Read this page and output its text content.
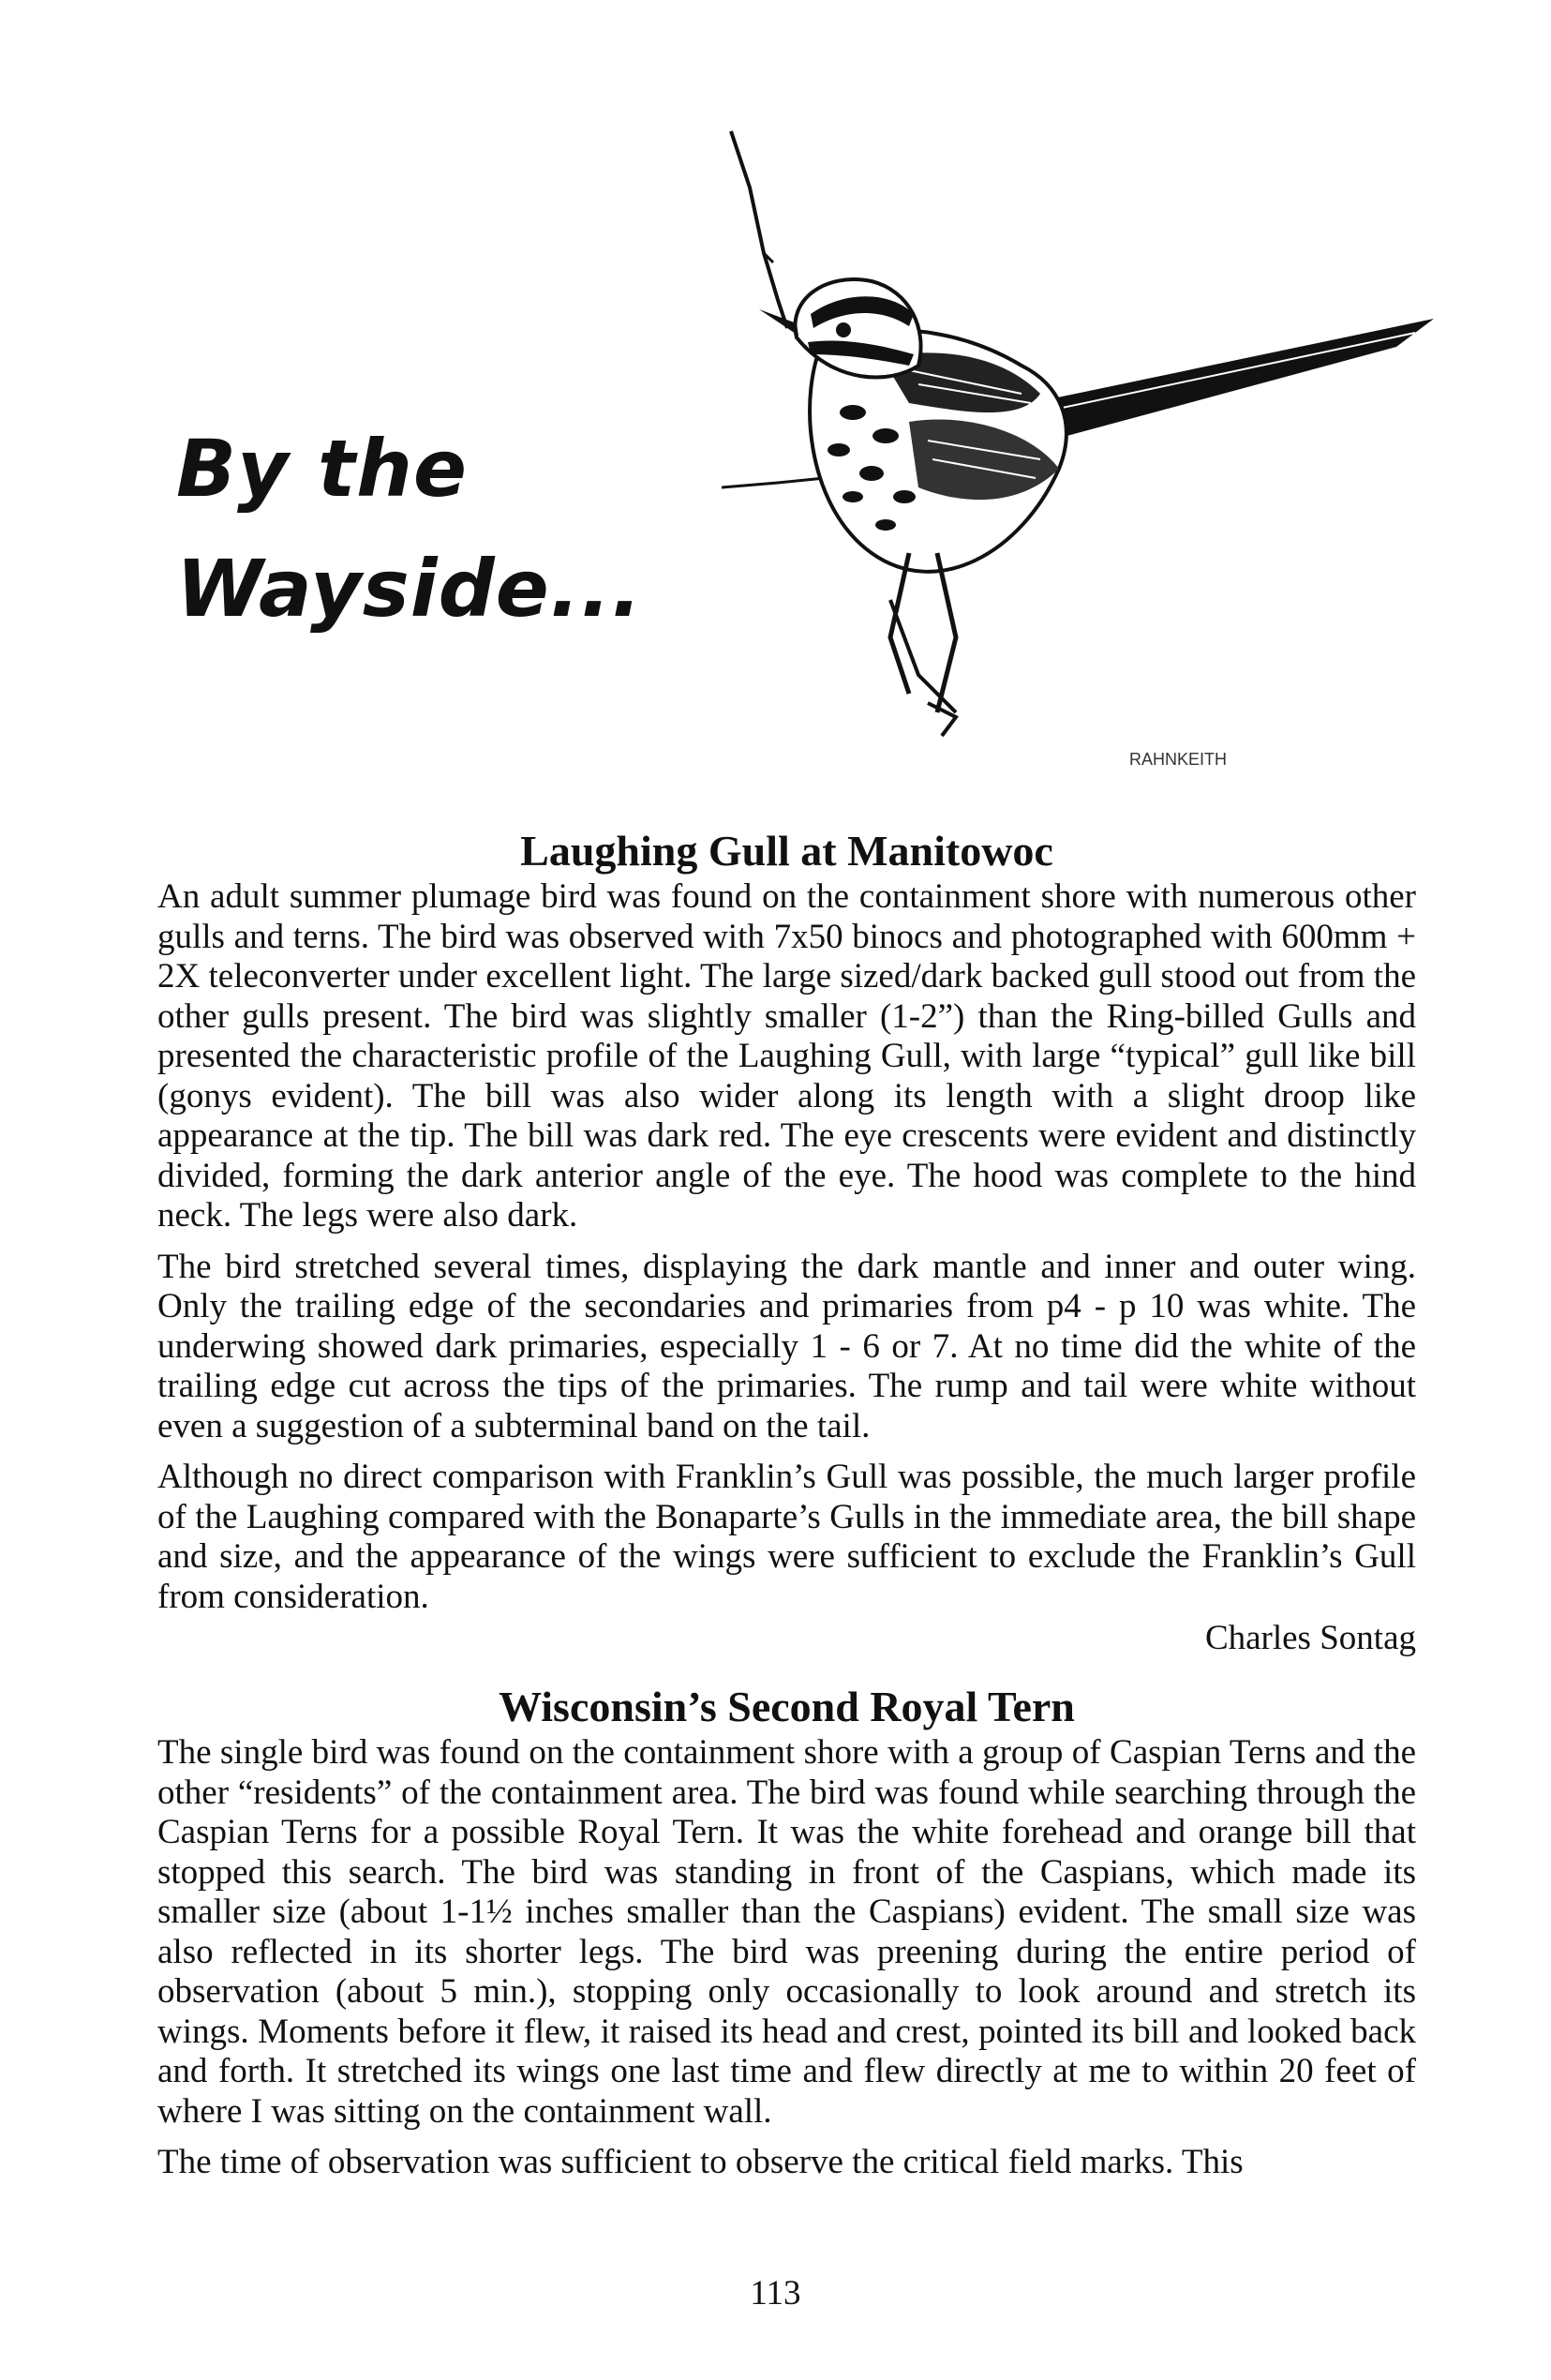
By the
Wayside...
RAHNKEITH
Laughing Gull at Manitowoc

An adult summer plumage bird was found on the containment shore with numerous other gulls and terns. The bird was observed with 7x50 binocs and photographed with 600mm + 2X teleconverter under excellent light. The large sized/dark backed gull stood out from the other gulls present. The bird was slightly smaller (1-2”) than the Ring-billed Gulls and presented the characteristic profile of the Laughing Gull, with large “typical” gull like bill (gonys evident). The bill was also wider along its length with a slight droop like appearance at the tip. The bill was dark red. The eye crescents were evident and distinctly divided, forming the dark anterior angle of the eye. The hood was complete to the hind neck. The legs were also dark.

The bird stretched several times, displaying the dark mantle and inner and outer wing. Only the trailing edge of the secondaries and primaries from p4 - p 10 was white. The underwing showed dark primaries, especially 1 - 6 or 7. At no time did the white of the trailing edge cut across the tips of the primaries. The rump and tail were white without even a suggestion of a subterminal band on the tail.

Although no direct comparison with Franklin’s Gull was possible, the much larger profile of the Laughing compared with the Bonaparte’s Gulls in the immediate area, the bill shape and size, and the appearance of the wings were sufficient to exclude the Franklin’s Gull from consideration.

Charles Sontag
Wisconsin’s Second Royal Tern

The single bird was found on the containment shore with a group of Caspian Terns and the other “residents” of the containment area. The bird was found while searching through the Caspian Terns for a possible Royal Tern. It was the white forehead and orange bill that stopped this search. The bird was standing in front of the Caspians, which made its smaller size (about 1-1½ inches smaller than the Caspians) evident. The small size was also reflected in its shorter legs. The bird was preening during the entire period of observation (about 5 min.), stopping only occasionally to look around and stretch its wings. Moments before it flew, it raised its head and crest, pointed its bill and looked back and forth. It stretched its wings one last time and flew directly at me to within 20 feet of where I was sitting on the containment wall.

The time of observation was sufficient to observe the critical field marks. This

113
